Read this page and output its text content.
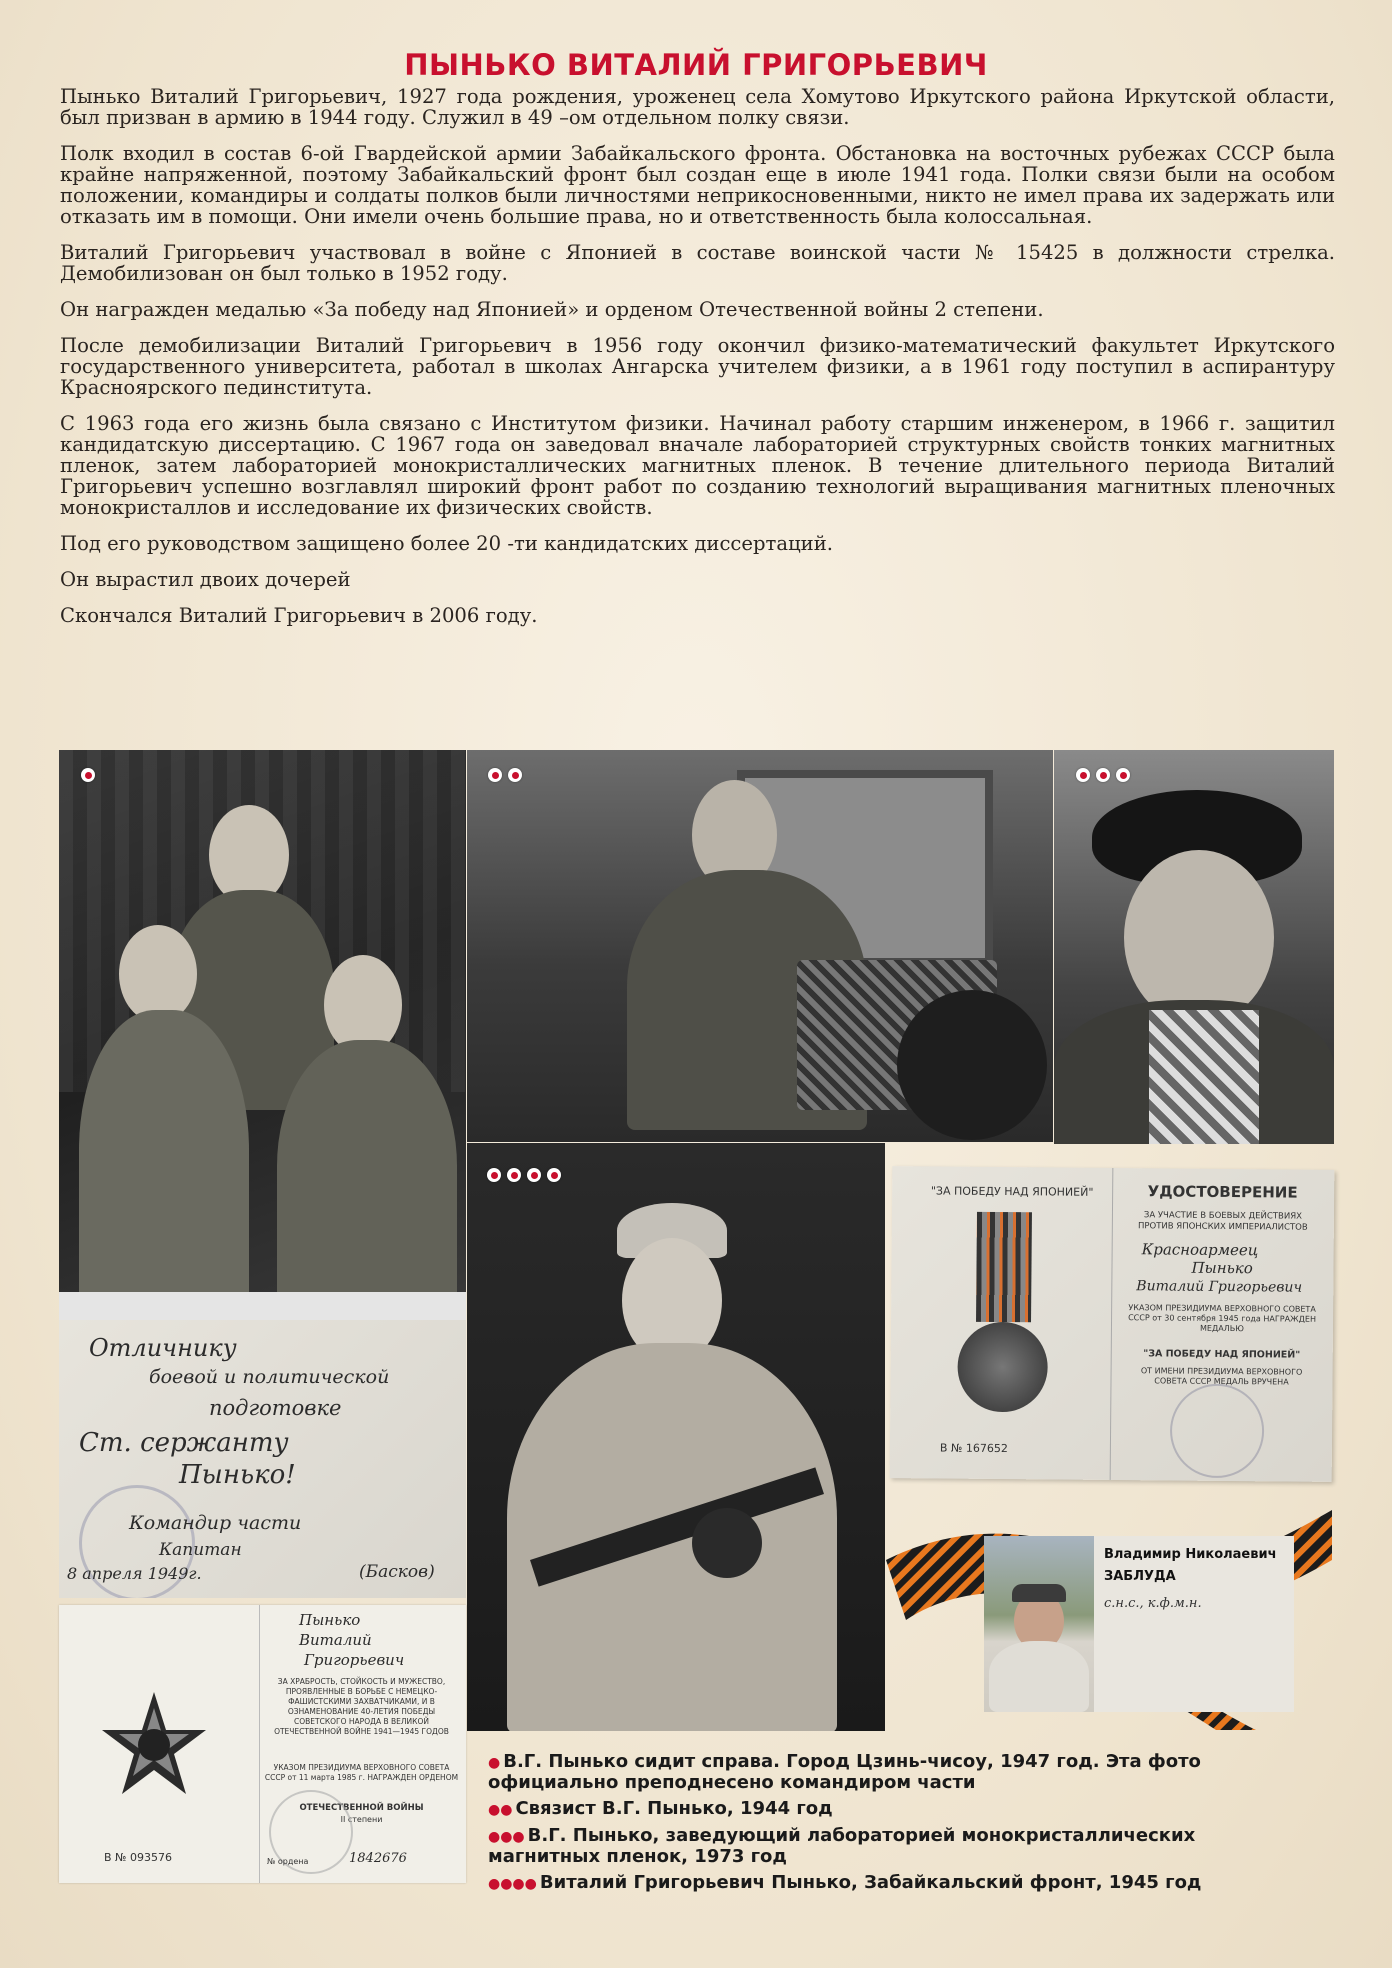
ПЫНЬКО ВИТАЛИЙ ГРИГОРЬЕВИЧ

Пынько Виталий Григорьевич, 1927 года рождения, уроженец села Хомутово Иркутского района Иркутской области, был призван в армию в 1944 году. Служил в 49 –ом отдельном полку связи.

Полк входил в состав 6-ой Гвардейской армии Забайкальского фронта. Обстановка на восточных рубежах СССР была крайне напряженной, поэтому Забайкальский фронт был создан еще в июле 1941 года. Полки связи были на особом положении, командиры и солдаты полков были личностями неприкосновенными, никто не имел права их задержать или отказать им в помощи. Они имели очень большие права, но и ответственность была колоссальная.

Виталий Григорьевич участвовал в войне с Японией в составе воинской части № 15425 в должности стрелка. Демобилизован он был только в 1952 году.

Он награжден медалью «За победу над Японией» и орденом Отечественной войны 2 степени.

После демобилизации Виталий Григорьевич в 1956 году окончил физико-математический факультет Иркутского государственного университета, работал в школах Ангарска учителем физики, а в 1961 году поступил в аспирантуру Красноярского пединститута.

С 1963 года его жизнь была связано с Институтом физики. Начинал работу старшим инженером, в 1966 г. защитил кандидатскую диссертацию. С 1967 года он заведовал вначале лабораторией структурных свойств тонких магнитных пленок, затем лабораторией монокристаллических магнитных пленок. В течение длительного периода Виталий Григорьевич успешно возглавлял широкий фронт работ по созданию технологий выращивания магнитных пленочных монокристаллов и исследование их физических свойств.

Под его руководством защищено более 20 -ти кандидатских диссертаций.

Он вырастил двоих дочерей

Скончался Виталий Григорьевич в 2006 году.

Отличнику
боевой и политической
подготовке
Ст. сержанту
Пынько!
Командир части
Капитан
(Басков)
8 апреля 1949г.
"ЗА ПОБЕДУ НАД ЯПОНИЕЙ"
В № 167652
УДОСТОВЕРЕНИЕ
ЗА УЧАСТИЕ В БОЕВЫХ ДЕЙСТВИЯХ ПРОТИВ ЯПОНСКИХ ИМПЕРИАЛИСТОВ
Красноармеец
Пынько
Виталий Григорьевич
УКАЗОМ ПРЕЗИДИУМА ВЕРХОВНОГО СОВЕТА СССР от 30 сентября 1945 года НАГРАЖДЕН МЕДАЛЬЮ
"ЗА ПОБЕДУ НАД ЯПОНИЕЙ"
ОТ ИМЕНИ ПРЕЗИДИУМА ВЕРХОВНОГО СОВЕТА СССР МЕДАЛЬ ВРУЧЕНА
В № 093576
Пынько
Виталий
Григорьевич
ЗА ХРАБРОСТЬ, СТОЙКОСТЬ И МУЖЕСТВО, ПРОЯВЛЕННЫЕ В БОРЬБЕ С НЕМЕЦКО-ФАШИСТСКИМИ ЗАХВАТЧИКАМИ, И В ОЗНАМЕНОВАНИЕ 40-ЛЕТИЯ ПОБЕДЫ СОВЕТСКОГО НАРОДА В ВЕЛИКОЙ ОТЕЧЕСТВЕННОЙ ВОЙНЕ 1941—1945 ГОДОВ
УКАЗОМ ПРЕЗИДИУМА ВЕРХОВНОГО СОВЕТА СССР от 11 марта 1985 г. НАГРАЖДЕН ОРДЕНОМ
ОТЕЧЕСТВЕННОЙ ВОЙНЫ
II степени
№ ордена	1842676
Владимир Николаевич
ЗАБЛУДА
с.н.с., к.ф.м.н.

● В.Г. Пынько сидит справа. Город Цзинь-чисоу, 1947 год. Эта фото официально преподнесено командиром части

●● Связист В.Г. Пынько, 1944 год

●●● В.Г. Пынько, заведующий лабораторией монокристаллических магнитных пленок, 1973 год

●●●● Виталий Григорьевич Пынько, Забайкальский фронт, 1945 год
